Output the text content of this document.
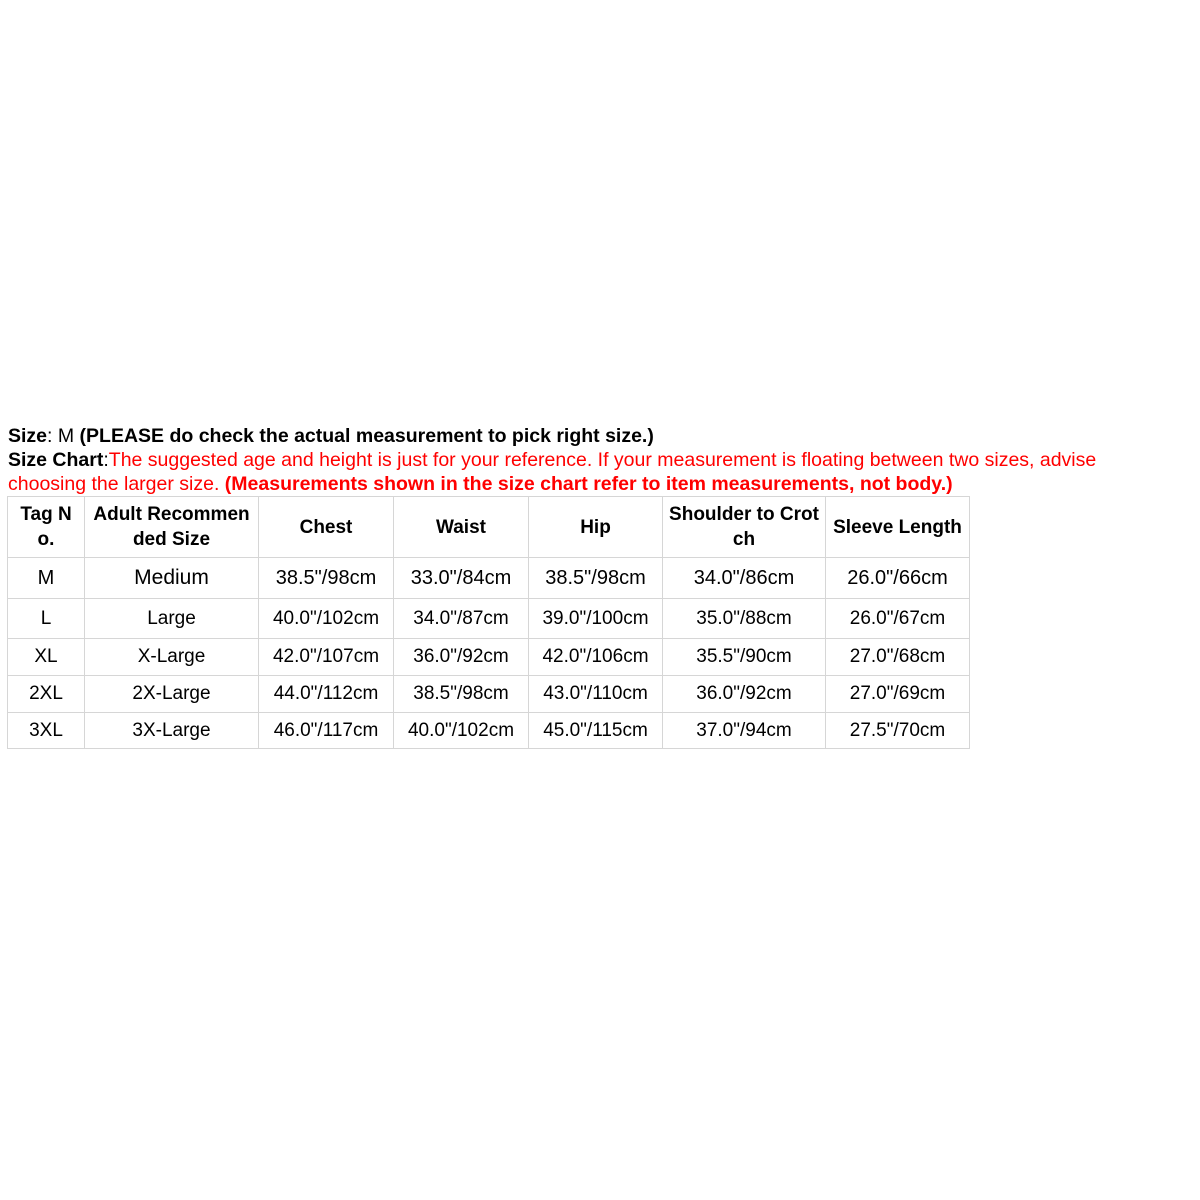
Size: M (PLEASE do check the actual measurement to pick right size.)
Size Chart:The suggested age and height is just for your reference. If your measurement is floating between two sizes, advise
choosing the larger size. (Measurements shown in the size chart refer to item measurements, not body.)
Tag No.	Adult Recommended Size	Chest	Waist	Hip	Shoulder to Crotch	Sleeve Length
M	Medium	38.5"/98cm	33.0"/84cm	38.5"/98cm	34.0"/86cm	26.0"/66cm
L	Large	40.0"/102cm	34.0"/87cm	39.0"/100cm	35.0"/88cm	26.0"/67cm
XL	X-Large	42.0"/107cm	36.0"/92cm	42.0"/106cm	35.5"/90cm	27.0"/68cm
2XL	2X-Large	44.0"/112cm	38.5"/98cm	43.0"/110cm	36.0"/92cm	27.0"/69cm
3XL	3X-Large	46.0"/117cm	40.0"/102cm	45.0"/115cm	37.0"/94cm	27.5"/70cm
